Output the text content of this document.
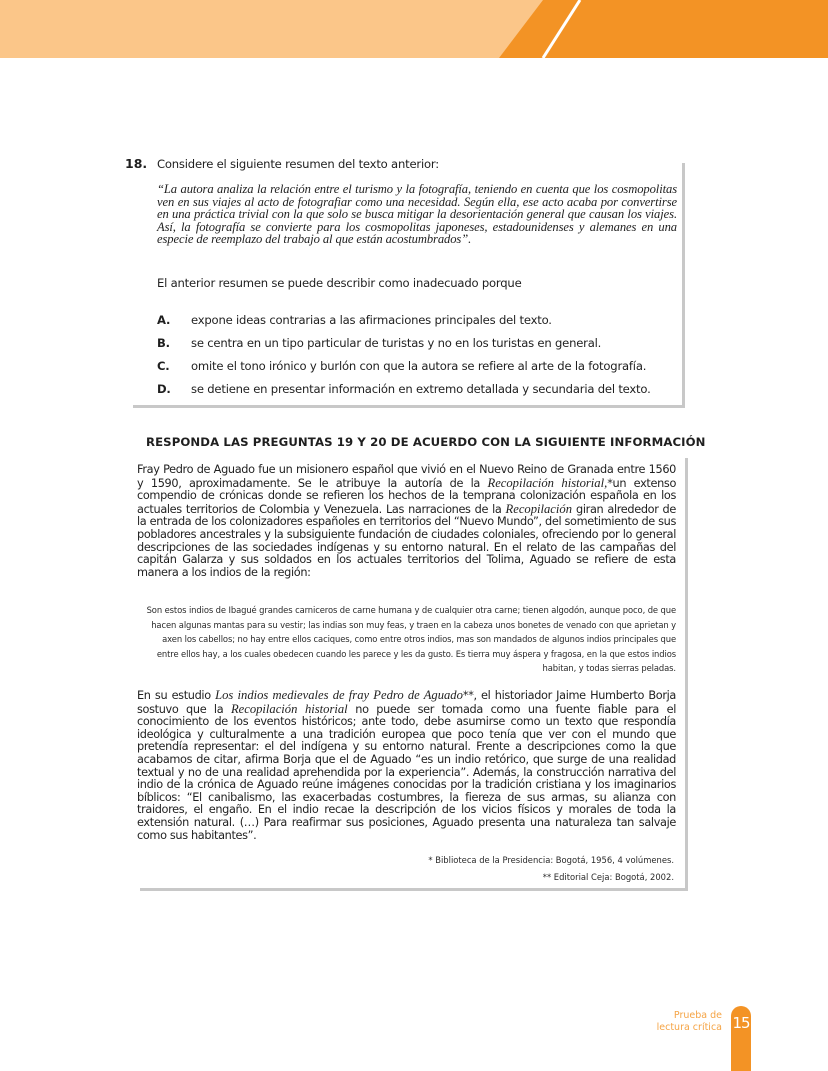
18. Considere el siguiente resumen del texto anterior:
“La autora analiza la relación entre el turismo y la fotografía, teniendo en cuenta que los cosmopolitas ven en sus viajes al acto de fotografiar como una necesidad. Según ella, ese acto acaba por convertirse en una práctica trivial con la que solo se busca mitigar la desorientación general que causan los viajes. Así, la fotografía se convierte para los cosmopolitas japoneses, estadounidenses y alemanes en una especie de reemplazo del trabajo al que están acostumbrados”.
El anterior resumen se puede describir como inadecuado porque
A. expone ideas contrarias a las afirmaciones principales del texto.
B. se centra en un tipo particular de turistas y no en los turistas en general.
C. omite el tono irónico y burlón con que la autora se refiere al arte de la fotografía.
D. se detiene en presentar información en extremo detallada y secundaria del texto.
RESPONDA LAS PREGUNTAS 19 Y 20 DE ACUERDO CON LA SIGUIENTE INFORMACIÓN
Fray Pedro de Aguado fue un misionero español que vivió en el Nuevo Reino de Granada entre 1560 y 1590, aproximadamente. Se le atribuye la autoría de la Recopilación historial,*un extenso compendio de crónicas donde se refieren los hechos de la temprana colonización española en los actuales territorios de Colombia y Venezuela. Las narraciones de la Recopilación giran alrededor de la entrada de los colonizadores españoles en territorios del “Nuevo Mundo”, del sometimiento de sus pobladores ancestrales y la subsiguiente fundación de ciudades coloniales, ofreciendo por lo general descripciones de las sociedades indígenas y su entorno natural. En el relato de las campañas del capitán Galarza y sus soldados en los actuales territorios del Tolima, Aguado se refiere de esta manera a los indios de la región:
Son estos indios de Ibagué grandes carniceros de carne humana y de cualquier otra carne; tienen algodón, aunque poco, de que hacen algunas mantas para su vestir; las indias son muy feas, y traen en la cabeza unos bonetes de venado con que aprietan y axen los cabellos; no hay entre ellos caciques, como entre otros indios, mas son mandados de algunos indios principales que entre ellos hay, a los cuales obedecen cuando les parece y les da gusto. Es tierra muy áspera y fragosa, en la que estos indios habitan, y todas sierras peladas.
En su estudio Los indios medievales de fray Pedro de Aguado**, el historiador Jaime Humberto Borja sostuvo que la Recopilación historial no puede ser tomada como una fuente fiable para el conocimiento de los eventos históricos; ante todo, debe asumirse como un texto que respondía ideológica y culturalmente a una tradición europea que poco tenía que ver con el mundo que pretendía representar: el del indígena y su entorno natural. Frente a descripciones como la que acabamos de citar, afirma Borja que el de Aguado “es un indio retórico, que surge de una realidad textual y no de una realidad aprehendida por la experiencia”. Además, la construcción narrativa del indio de la crónica de Aguado reúne imágenes conocidas por la tradición cristiana y los imaginarios bíblicos: “El canibalismo, las exacerbadas costumbres, la fiereza de sus armas, su alianza con traidores, el engaño. En el indio recae la descripción de los vicios físicos y morales de toda la extensión natural. (…) Para reafirmar sus posiciones, Aguado presenta una naturaleza tan salvaje como sus habitantes”.
* Biblioteca de la Presidencia: Bogotá, 1956, 4 volúmenes.
** Editorial Ceja: Bogotá, 2002.
Prueba de
lectura crítica 15
